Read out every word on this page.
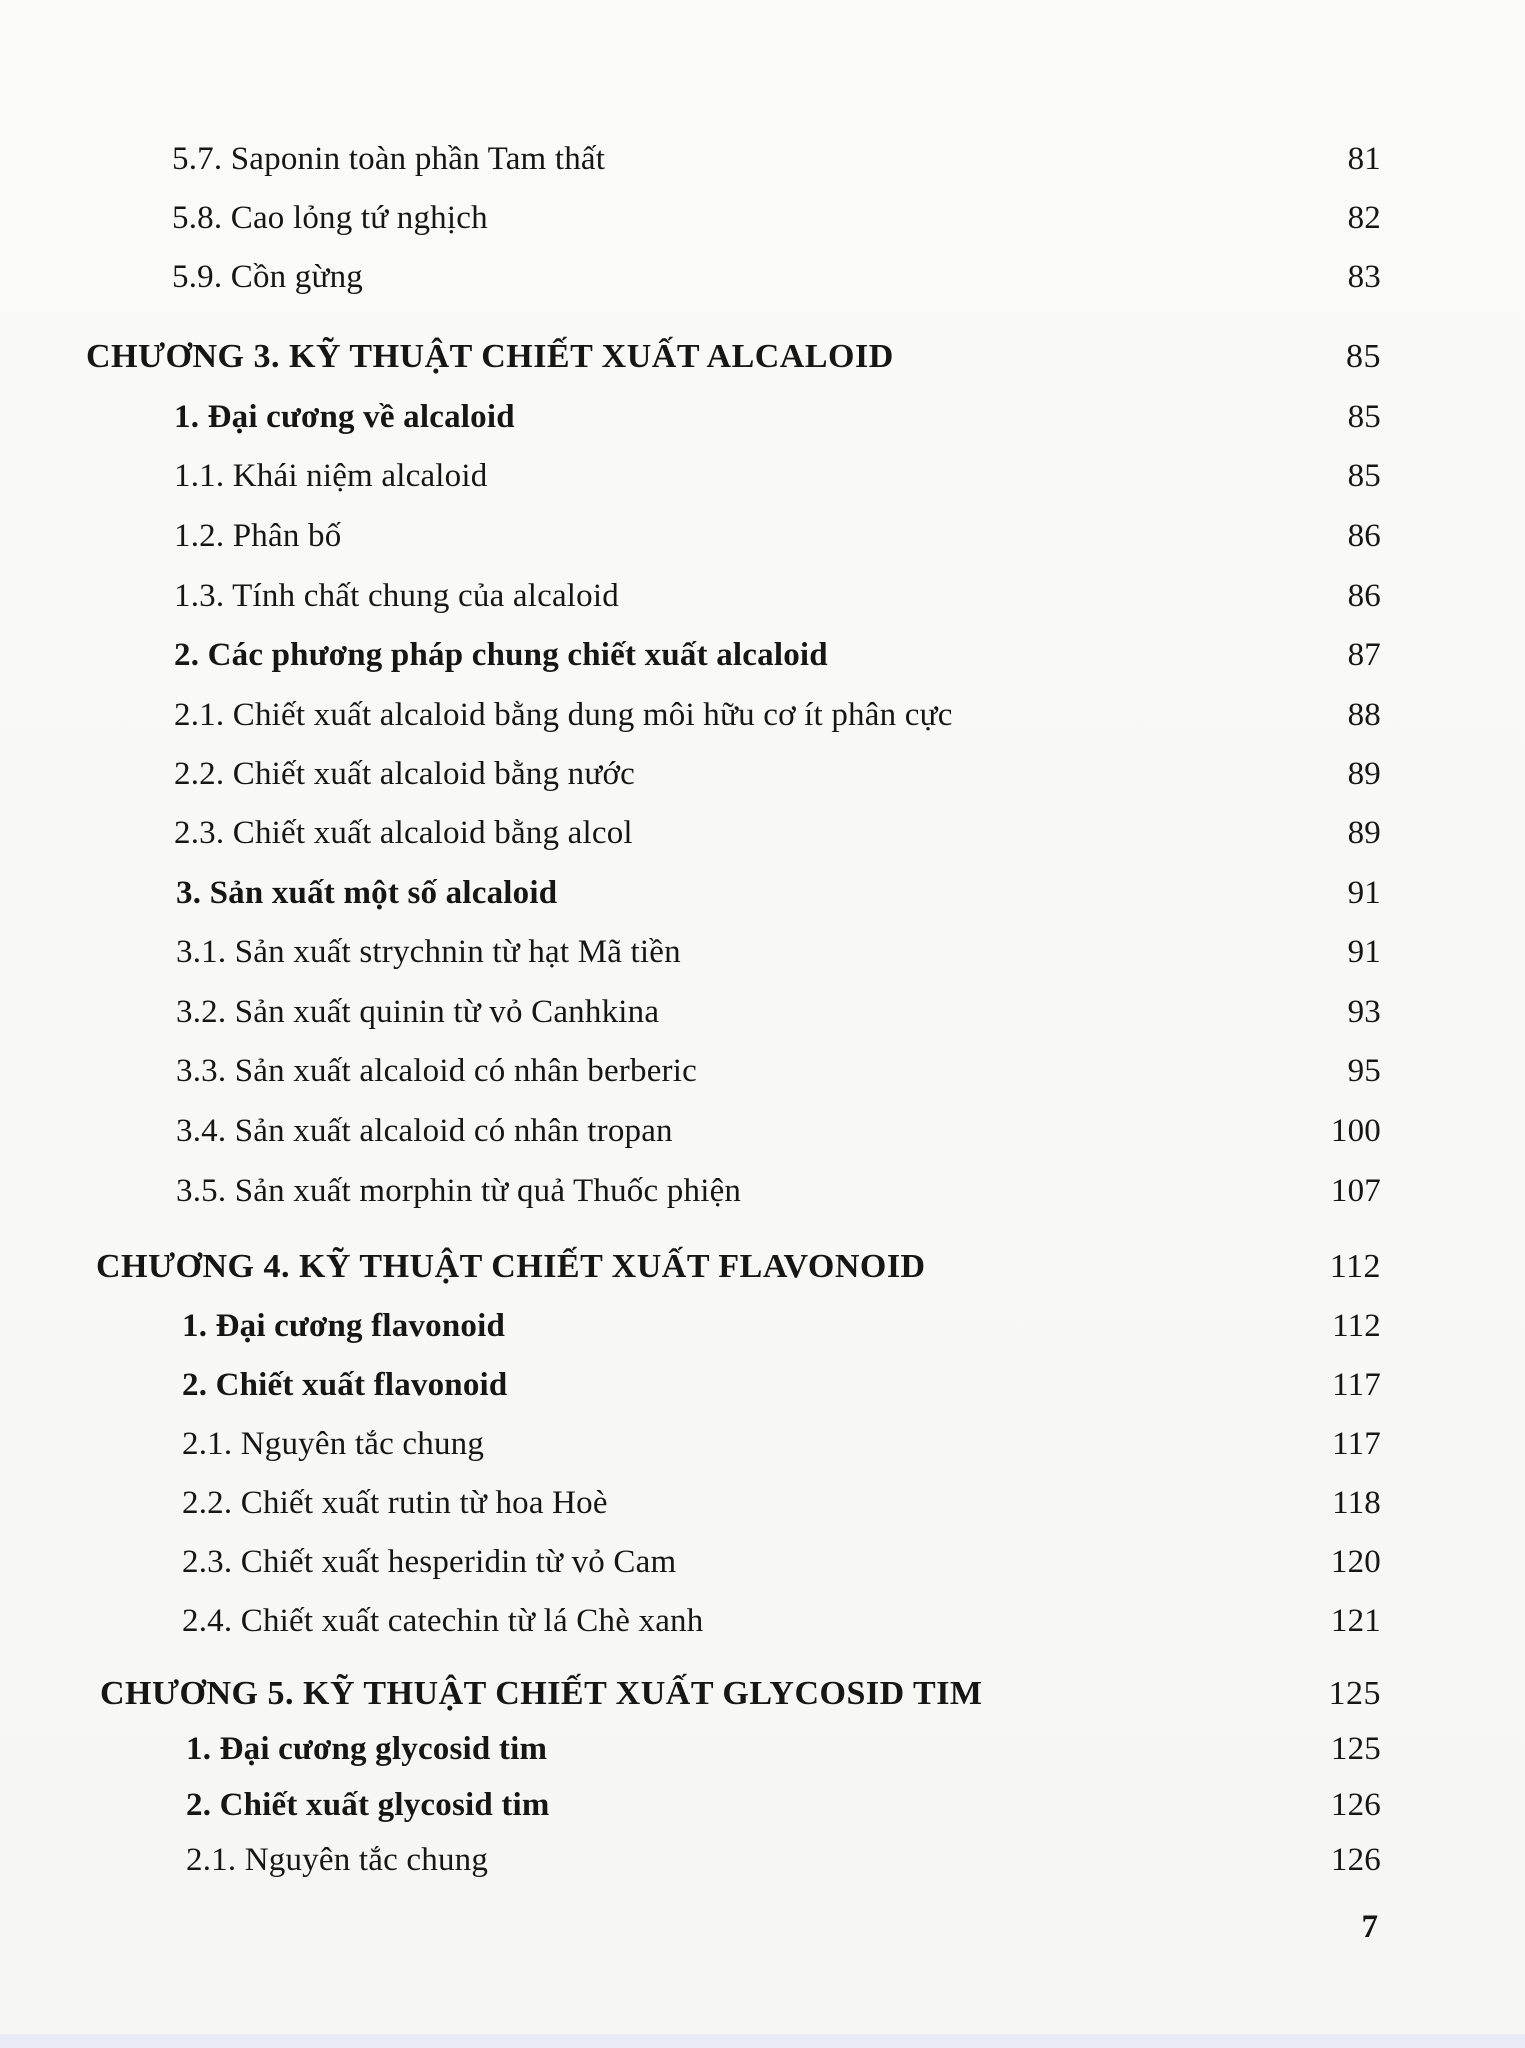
5.7. Saponin toàn phần Tam thất	81
5.8. Cao lỏng tứ nghịch	82
5.9. Cồn gừng	83
CHƯƠNG 3. KỸ THUẬT CHIẾT XUẤT ALCALOID	85
1. Đại cương về alcaloid	85
1.1. Khái niệm alcaloid	85
1.2. Phân bố	86
1.3. Tính chất chung của alcaloid	86
2. Các phương pháp chung chiết xuất alcaloid	87
2.1. Chiết xuất alcaloid bằng dung môi hữu cơ ít phân cực	88
2.2. Chiết xuất alcaloid bằng nước	89
2.3. Chiết xuất alcaloid bằng alcol	89
3. Sản xuất một số alcaloid	91
3.1. Sản xuất strychnin từ hạt Mã tiền	91
3.2. Sản xuất quinin từ vỏ Canhkina	93
3.3. Sản xuất alcaloid có nhân berberic	95
3.4. Sản xuất alcaloid có nhân tropan	100
3.5. Sản xuất morphin từ quả Thuốc phiện	107
CHƯƠNG 4. KỸ THUẬT CHIẾT XUẤT FLAVONOID	112
1. Đại cương flavonoid	112
2. Chiết xuất flavonoid	117
2.1. Nguyên tắc chung	117
2.2. Chiết xuất rutin từ hoa Hoè	118
2.3. Chiết xuất hesperidin từ vỏ Cam	120
2.4. Chiết xuất catechin từ lá Chè xanh	121
CHƯƠNG 5. KỸ THUẬT CHIẾT XUẤT GLYCOSID TIM	125
1. Đại cương glycosid tim	125
2. Chiết xuất glycosid tim	126
2.1. Nguyên tắc chung	126
7
